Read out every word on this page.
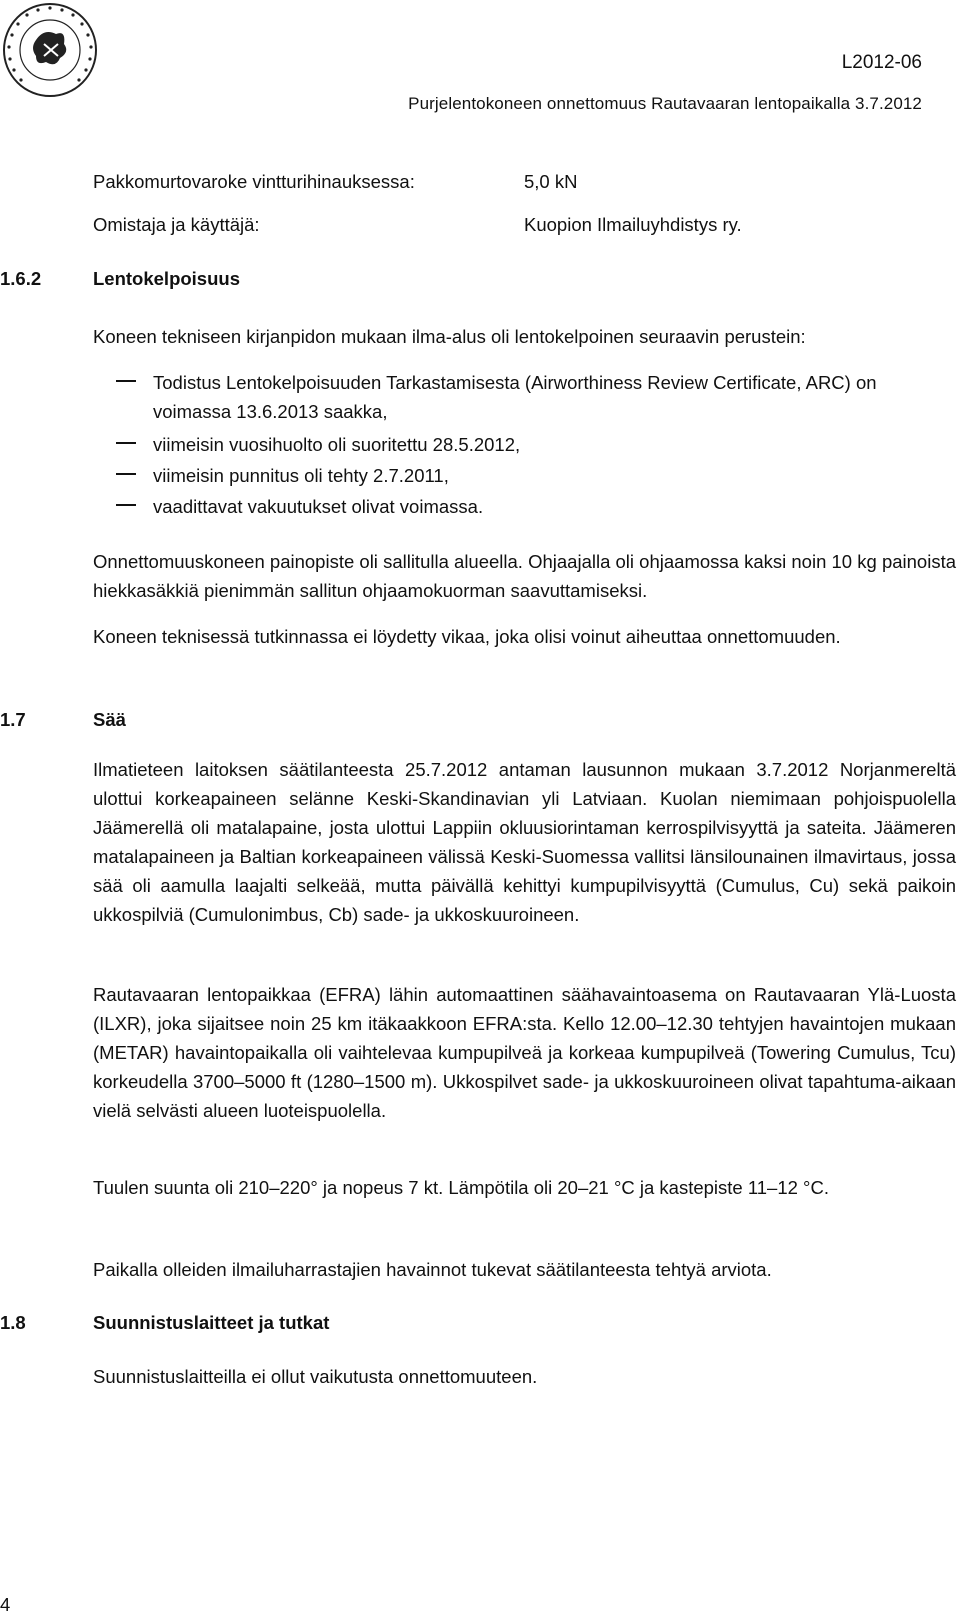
L2012-06
Purjelentokoneen onnettomuus Rautavaaran lentopaikalla 3.7.2012
Pakkomurtovaroke vintturihinauksessa:	5,0 kN
Omistaja ja käyttäjä:	Kuopion Ilmailuyhdistys ry.
1.6.2	Lentokelpoisuus

Koneen tekniseen kirjanpidon mukaan ilma-alus oli lentokelpoinen seuraavin perustein:

Todistus Lentokelpoisuuden Tarkastamisesta (Airworthiness Review Certificate, ARC) on voimassa 13.6.2013 saakka,
viimeisin vuosihuolto oli suoritettu 28.5.2012,
viimeisin punnitus oli tehty 2.7.2011,
vaadittavat vakuutukset olivat voimassa.

Onnettomuuskoneen painopiste oli sallitulla alueella. Ohjaajalla oli ohjaamossa kaksi noin 10 kg painoista hiekkasäkkiä pienimmän sallitun ohjaamokuorman saavuttamiseksi.

Koneen teknisessä tutkinnassa ei löydetty vikaa, joka olisi voinut aiheuttaa onnettomuuden.

1.7	Sää

Ilmatieteen laitoksen säätilanteesta 25.7.2012 antaman lausunnon mukaan 3.7.2012 Norjanmereltä ulottui korkeapaineen selänne Keski-Skandinavian yli Latviaan. Kuolan niemimaan pohjoispuolella Jäämerellä oli matalapaine, josta ulottui Lappiin okluusiorintaman kerrospilvisyyttä ja sateita. Jäämeren matalapaineen ja Baltian korkeapaineen välissä Keski-Suomessa vallitsi länsilounainen ilmavirtaus, jossa sää oli aamulla laajalti selkeää, mutta päivällä kehittyi kumpupilvisyyttä (Cumulus, Cu) sekä paikoin ukkospilviä (Cumulonimbus, Cb) sade- ja ukkoskuuroineen.

Rautavaaran lentopaikkaa (EFRA) lähin automaattinen säähavaintoasema on Rautavaaran Ylä-Luosta (ILXR), joka sijaitsee noin 25 km itäkaakkoon EFRA:sta. Kello 12.00–12.30 tehtyjen havaintojen mukaan (METAR) havaintopaikalla oli vaihtelevaa kumpupilveä ja korkeaa kumpupilveä (Towering Cumulus, Tcu) korkeudella 3700–5000 ft (1280–1500 m). Ukkospilvet sade- ja ukkoskuuroineen olivat tapahtuma-aikaan vielä selvästi alueen luoteispuolella.

Tuulen suunta oli 210–220° ja nopeus 7 kt. Lämpötila oli 20–21 °C ja kastepiste 11–12 °C.

Paikalla olleiden ilmailuharrastajien havainnot tukevat säätilanteesta tehtyä arviota.

1.8	Suunnistuslaitteet ja tutkat

Suunnistuslaitteilla ei ollut vaikutusta onnettomuuteen.

4
